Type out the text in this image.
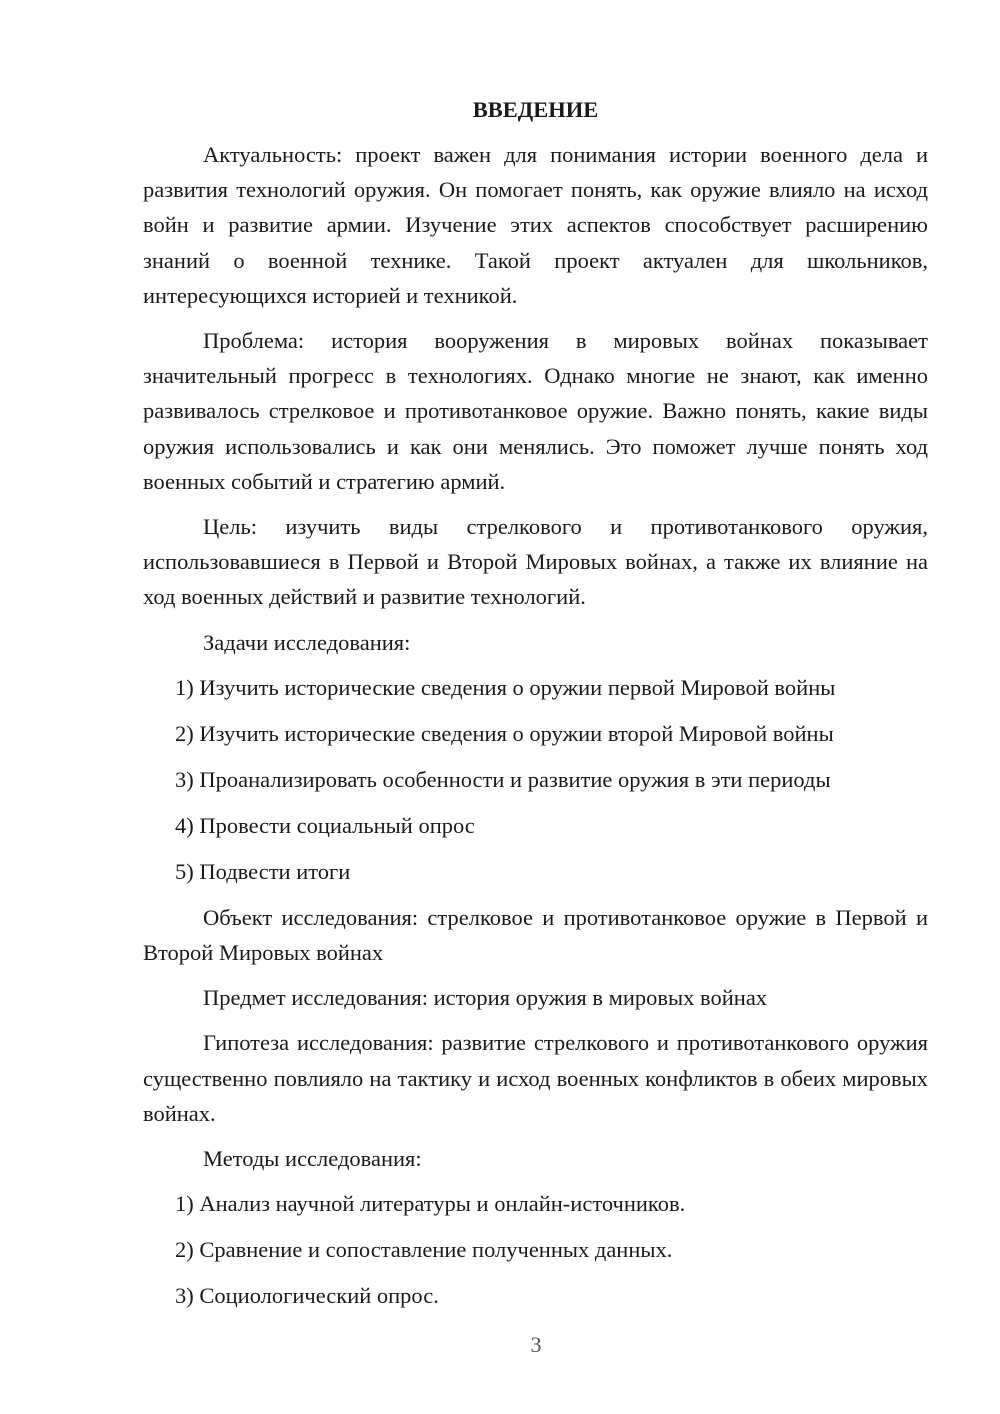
ВВЕДЕНИЕ

Актуальность: проект важен для понимания истории военного дела и развития технологий оружия. Он помогает понять, как оружие влияло на исход войн и развитие армии. Изучение этих аспектов способствует расширению знаний о военной технике. Такой проект актуален для школьников, интересующихся историей и техникой.

Проблема: история вооружения в мировых войнах показывает значительный прогресс в технологиях. Однако многие не знают, как именно развивалось стрелковое и противотанковое оружие. Важно понять, какие виды оружия использовались и как они менялись. Это поможет лучше понять ход военных событий и стратегию армий.

Цель: изучить виды стрелкового и противотанкового оружия, использовавшиеся в Первой и Второй Мировых войнах, а также их влияние на ход военных действий и развитие технологий.

Задачи исследования:

1) Изучить исторические сведения о оружии первой Мировой войны
2) Изучить исторические сведения о оружии второй Мировой войны
3) Проанализировать особенности и развитие оружия в эти периоды
4) Провести социальный опрос
5) Подвести итоги

Объект исследования: стрелковое и противотанковое оружие в Первой и Второй Мировых войнах

Предмет исследования: история оружия в мировых войнах

Гипотеза исследования: развитие стрелкового и противотанкового оружия существенно повлияло на тактику и исход военных конфликтов в обеих мировых войнах.

Методы исследования:

1) Анализ научной литературы и онлайн-источников.
2) Сравнение и сопоставление полученных данных.
3) Социологический опрос.
3
